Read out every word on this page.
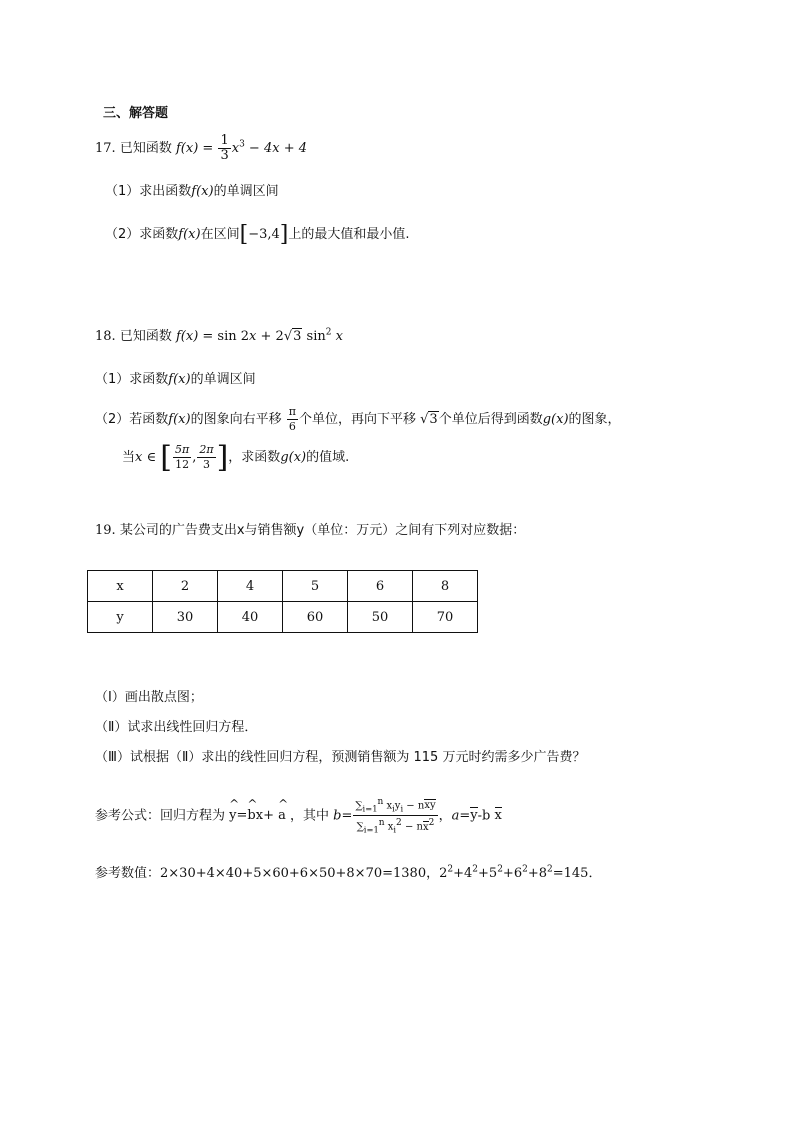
三、解答题
17. 已知函数 $f(x) = \frac{1}{3} x^3 - 4x + 4$
（1）求出函数f(x)的单调区间
（2）求函数f(x)在区间[−3,4]上的最大值和最小值.
18. 已知函数 f(x) = sin 2x + 2√3 $\sin^2 x$
（1）求函数f(x)的单调区间
（2）若函数f(x)的图象向右平移 $\frac{\pi}{6}$ 个单位，再向下平移 √3个单位后得到函数g(x)的图象，
当x ∈ [ $\frac{5\pi}{12}$ , $\frac{2\pi}{3}$ ]，求函数g(x)的值域.
19. 某公司的广告费支出x与销售额y（单位：万元）之间有下列对应数据：
x	2	4	5	6	8
y	30	40	60	50	70
（Ⅰ）画出散点图；
（Ⅱ）试求出线性回归方程．
（Ⅲ）试根据（Ⅱ）求出的线性回归方程，预测销售额为 115 万元时约需多少广告费？
参考公式：回归方程为 ^ y=^ bx+ ^ a ，其中 $b= \frac{\sum_{i=1}^n x_iy_i - nxy}{\sum_{i=1}^n x_i^2 - nx^2}$ ，a=y-b x
参考数值：2×30+4×40+5×60+6×50+8×70=1380，$2^2+4^2+5^2+6^2+8^2=145$．
